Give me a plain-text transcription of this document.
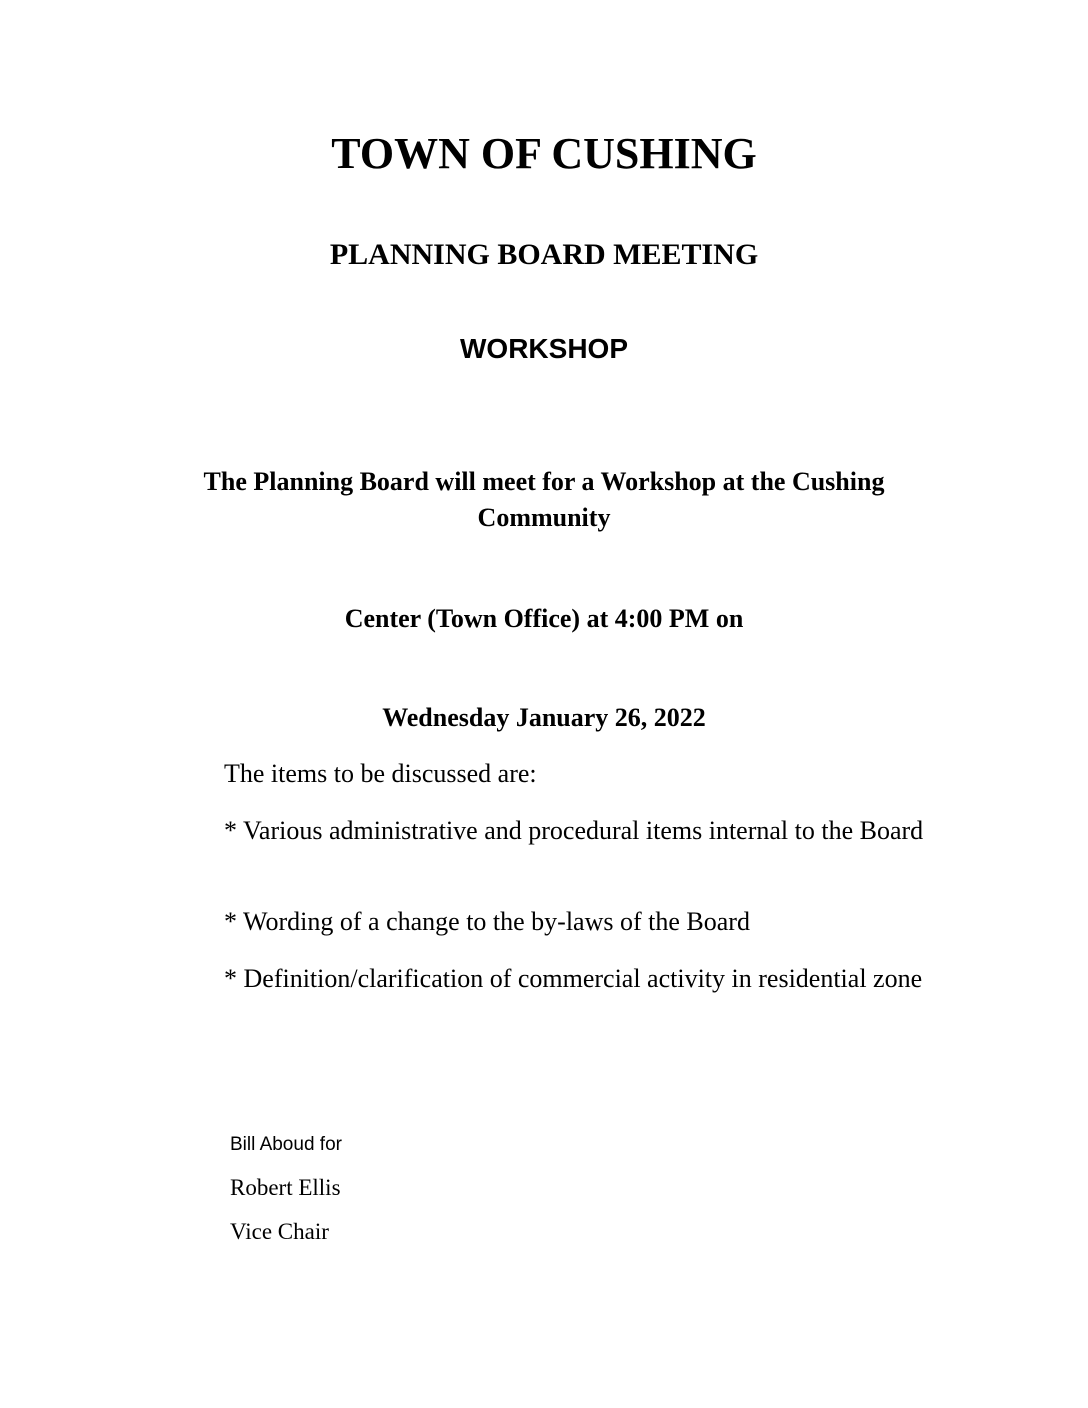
TOWN OF CUSHING
PLANNING BOARD MEETING
WORKSHOP
The Planning Board will meet for a Workshop at the Cushing Community
Center (Town Office) at 4:00 PM on
Wednesday January 26, 2022
The items to be discussed are:
* Various administrative and procedural items internal to the Board
* Wording of a change to the by-laws of the Board
* Definition/clarification of commercial activity in residential zone
Bill Aboud for
Robert Ellis
Vice Chair
